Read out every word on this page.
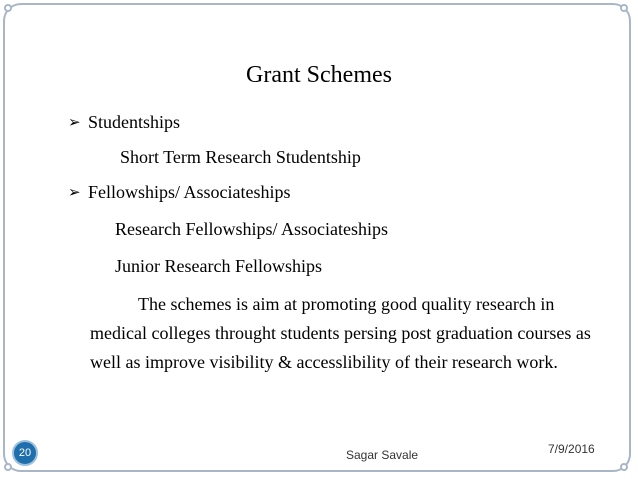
Grant Schemes
➢ Studentships
Short Term Research Studentship
➢ Fellowships/ Associateships
Research Fellowships/ Associateships
Junior Research Fellowships
The schemes is aim at promoting good quality research in medical colleges throught students persing post graduation courses as well as improve visibility & accesslibility of their research work.
20	Sagar Savale	7/9/2016
